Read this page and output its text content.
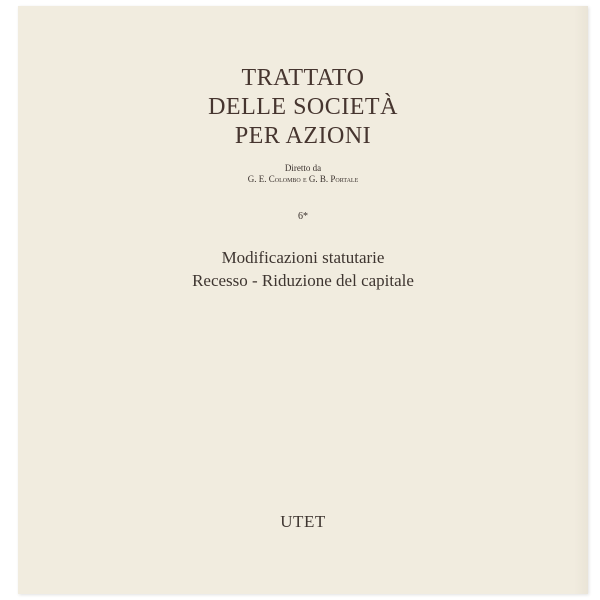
TRATTATO
DELLE SOCIETÀ
PER AZIONI
Diretto da
G. E. Colombo e G. B. Portale
6*
Modificazioni statutarie
Recesso - Riduzione del capitale
UTET
